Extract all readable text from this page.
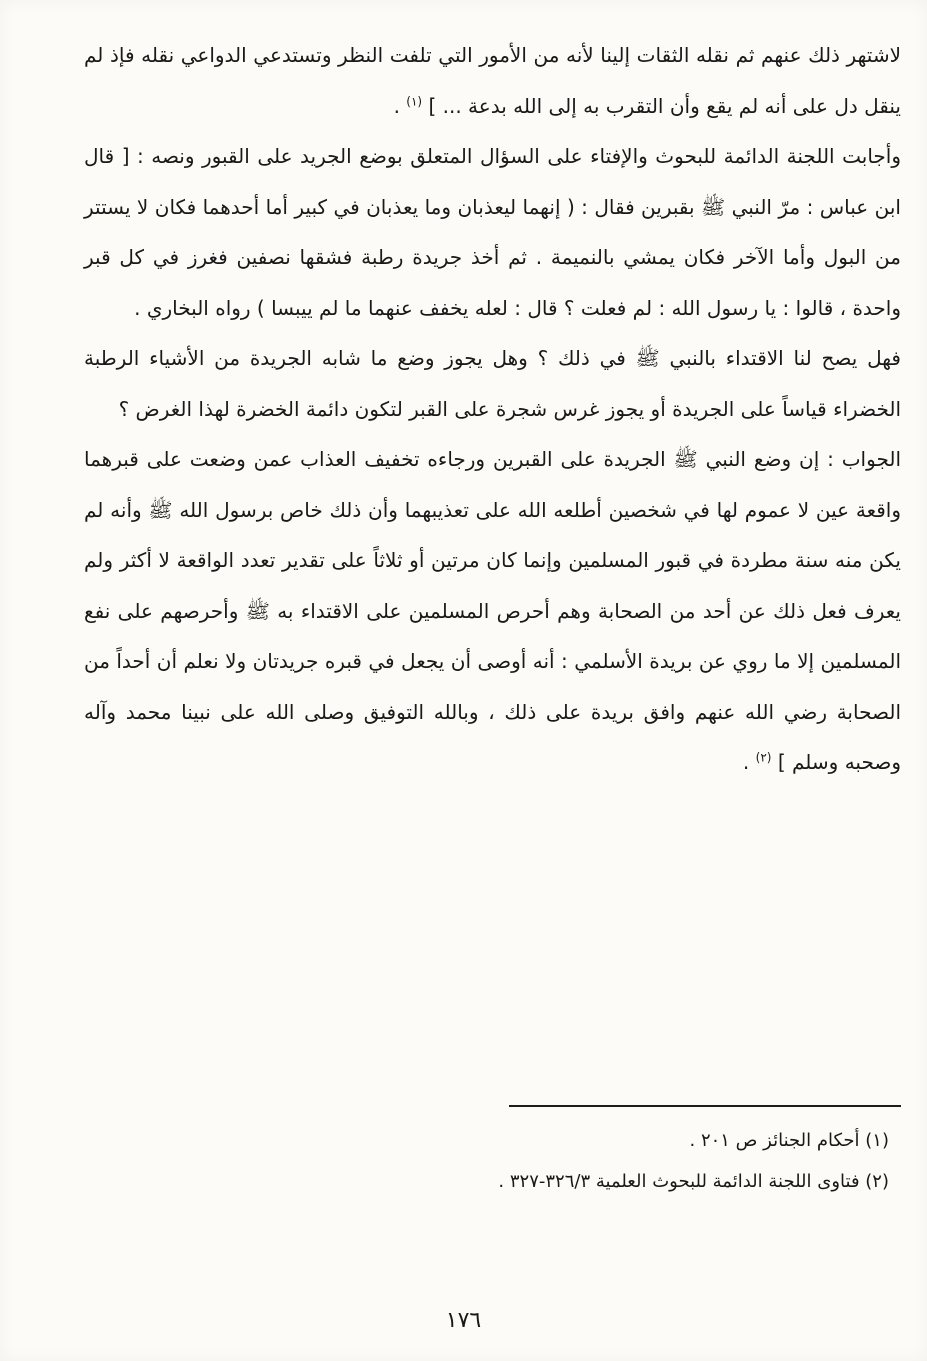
لاشتهر ذلك عنهم ثم نقله الثقات إلينا لأنه من الأمور التي تلفت النظر وتستدعي الدواعي نقله فإذ لم ينقل دل على أنه لم يقع وأن التقرب به إلى الله بدعة ... ] $^{(١)}$ .

وأجابت اللجنة الدائمة للبحوث والإفتاء على السؤال المتعلق بوضع الجريد على القبور ونصه : [ قال ابن عباس : مرّ النبي ﷺ بقبرين فقال : ( إنهما ليعذبان وما يعذبان في كبير أما أحدهما فكان لا يستتر من البول وأما الآخر فكان يمشي بالنميمة . ثم أخذ جريدة رطبة فشقها نصفين فغرز في كل قبر واحدة ، قالوا : يا رسول الله : لم فعلت ؟ قال : لعله يخفف عنهما ما لم ييبسا ) رواه البخاري .

فهل يصح لنا الاقتداء بالنبي ﷺ في ذلك ؟ وهل يجوز وضع ما شابه الجريدة من الأشياء الرطبة الخضراء قياساً على الجريدة أو يجوز غرس شجرة على القبر لتكون دائمة الخضرة لهذا الغرض ؟

الجواب : إن وضع النبي ﷺ الجريدة على القبرين ورجاءه تخفيف العذاب عمن وضعت على قبرهما واقعة عين لا عموم لها في شخصين أطلعه الله على تعذيبهما وأن ذلك خاص برسول الله ﷺ وأنه لم يكن منه سنة مطردة في قبور المسلمين وإنما كان مرتين أو ثلاثاً على تقدير تعدد الواقعة لا أكثر ولم يعرف فعل ذلك عن أحد من الصحابة وهم أحرص المسلمين على الاقتداء به ﷺ وأحرصهم على نفع المسلمين إلا ما روي عن بريدة الأسلمي : أنه أوصى أن يجعل في قبره جريدتان ولا نعلم أن أحداً من الصحابة رضي الله عنهم وافق بريدة على ذلك ، وبالله التوفيق وصلى الله على نبينا محمد وآله وصحبه وسلم ] $^{(٢)}$ .

(١) أحكام الجنائز ص ٢٠١ .

(٢) فتاوى اللجنة الدائمة للبحوث العلمية ‪٣٢٦/٣-٣٢٧‬ .

١٧٦
